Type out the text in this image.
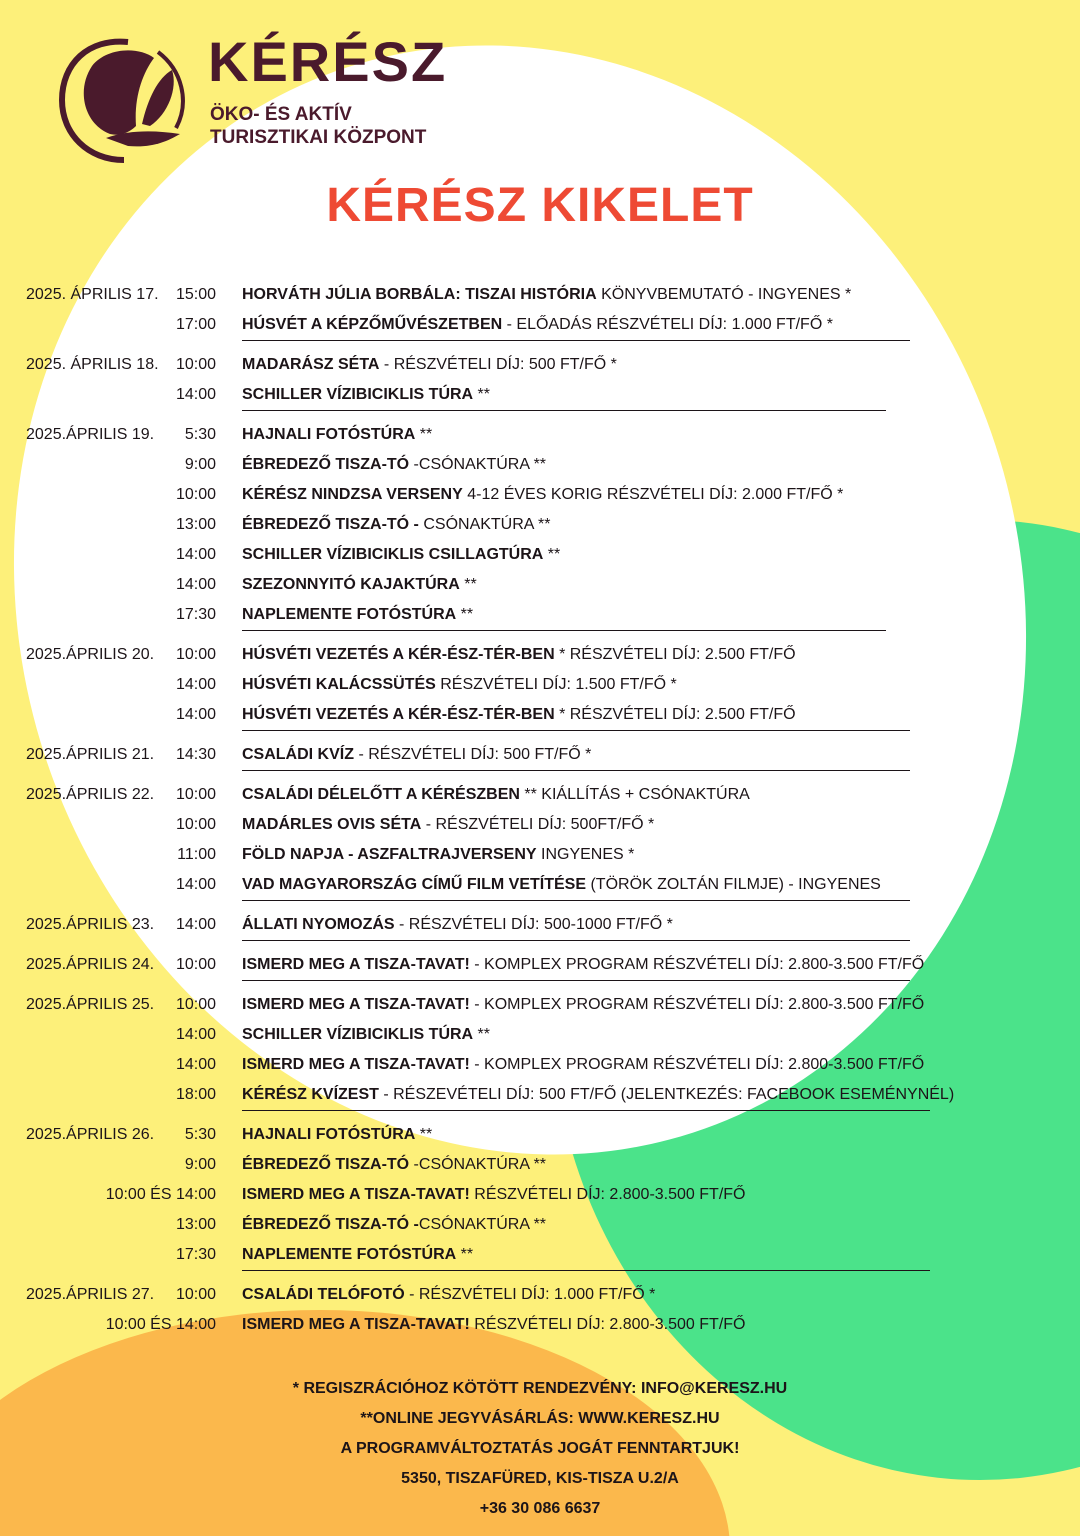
KÉRÉSZ
ÖKO- ÉS AKTÍV
TURISZTIKAI KÖZPONT
KÉRÉSZ KIKELET
2025. ÁPRILIS 17. 15:00 HORVÁTH JÚLIA BORBÁLA: TISZAI HISTÓRIA KÖNYVBEMUTATÓ - INGYENES *
17:00 HÚSVÉT A KÉPZŐMŰVÉSZETBEN - ELŐADÁS RÉSZVÉTELI DÍJ: 1.000 FT/FŐ *
2025. ÁPRILIS 18. 10:00 MADARÁSZ SÉTA - RÉSZVÉTELI DÍJ: 500 FT/FŐ *
14:00 SCHILLER VÍZIBICIKLIS TÚRA **
2025.ÁPRILIS 19. 5:30 HAJNALI FOTÓSTÚRA **
9:00 ÉBREDEZŐ TISZA-TÓ -CSÓNAKTÚRA **
10:00 KÉRÉSZ NINDZSA VERSENY 4-12 ÉVES KORIG RÉSZVÉTELI DÍJ: 2.000 FT/FŐ *
13:00 ÉBREDEZŐ TISZA-TÓ - CSÓNAKTÚRA **
14:00 SCHILLER VÍZIBICIKLIS CSILLAGTÚRA **
14:00 SZEZONNYITÓ KAJAKTÚRA **
17:30 NAPLEMENTE FOTÓSTÚRA **
2025.ÁPRILIS 20. 10:00 HÚSVÉTI VEZETÉS A KÉR-ÉSZ-TÉR-BEN * RÉSZVÉTELI DÍJ: 2.500 FT/FŐ
14:00 HÚSVÉTI KALÁCSSÜTÉS RÉSZVÉTELI DÍJ: 1.500 FT/FŐ *
14:00 HÚSVÉTI VEZETÉS A KÉR-ÉSZ-TÉR-BEN * RÉSZVÉTELI DÍJ: 2.500 FT/FŐ
2025.ÁPRILIS 21. 14:30 CSALÁDI KVÍZ - RÉSZVÉTELI DÍJ: 500 FT/FŐ *
2025.ÁPRILIS 22. 10:00 CSALÁDI DÉLELŐTT A KÉRÉSZBEN ** KIÁLLÍTÁS + CSÓNAKTÚRA
10:00 MADÁRLES OVIS SÉTA - RÉSZVÉTELI DÍJ: 500FT/FŐ *
11:00 FÖLD NAPJA - ASZFALTRAJVERSENY INGYENES *
14:00 VAD MAGYARORSZÁG CÍMŰ FILM VETÍTÉSE (TÖRÖK ZOLTÁN FILMJE) - INGYENES
2025.ÁPRILIS 23. 14:00 ÁLLATI NYOMOZÁS - RÉSZVÉTELI DÍJ: 500-1000 FT/FŐ *
2025.ÁPRILIS 24. 10:00 ISMERD MEG A TISZA-TAVAT! - KOMPLEX PROGRAM RÉSZVÉTELI DÍJ: 2.800-3.500 FT/FŐ
2025.ÁPRILIS 25. 10:00 ISMERD MEG A TISZA-TAVAT! - KOMPLEX PROGRAM RÉSZVÉTELI DÍJ: 2.800-3.500 FT/FŐ
14:00 SCHILLER VÍZIBICIKLIS TÚRA **
14:00 ISMERD MEG A TISZA-TAVAT! - KOMPLEX PROGRAM RÉSZVÉTELI DÍJ: 2.800-3.500 FT/FŐ
18:00 KÉRÉSZ KVÍZEST - RÉSZEVÉTELI DÍJ: 500 FT/FŐ (JELENTKEZÉS: FACEBOOK ESEMÉNYNÉL)
2025.ÁPRILIS 26. 5:30 HAJNALI FOTÓSTÚRA **
9:00 ÉBREDEZŐ TISZA-TÓ -CSÓNAKTÚRA **
10:00 ÉS 14:00 ISMERD MEG A TISZA-TAVAT! RÉSZVÉTELI DÍJ: 2.800-3.500 FT/FŐ
13:00 ÉBREDEZŐ TISZA-TÓ -CSÓNAKTÚRA **
17:30 NAPLEMENTE FOTÓSTÚRA **
2025.ÁPRILIS 27. 10:00 CSALÁDI TELÓFOTÓ - RÉSZVÉTELI DÍJ: 1.000 FT/FŐ *
10:00 ÉS 14:00 ISMERD MEG A TISZA-TAVAT! RÉSZVÉTELI DÍJ: 2.800-3.500 FT/FŐ
* REGISZRÁCIÓHOZ KÖTÖTT RENDEZVÉNY: INFO@KERESZ.HU
**ONLINE JEGYVÁSÁRLÁS: WWW.KERESZ.HU
A PROGRAMVÁLTOZTATÁS JOGÁT FENNTARTJUK!
5350, TISZAFÜRED, KIS-TISZA U.2/A
+36 30 086 6637
